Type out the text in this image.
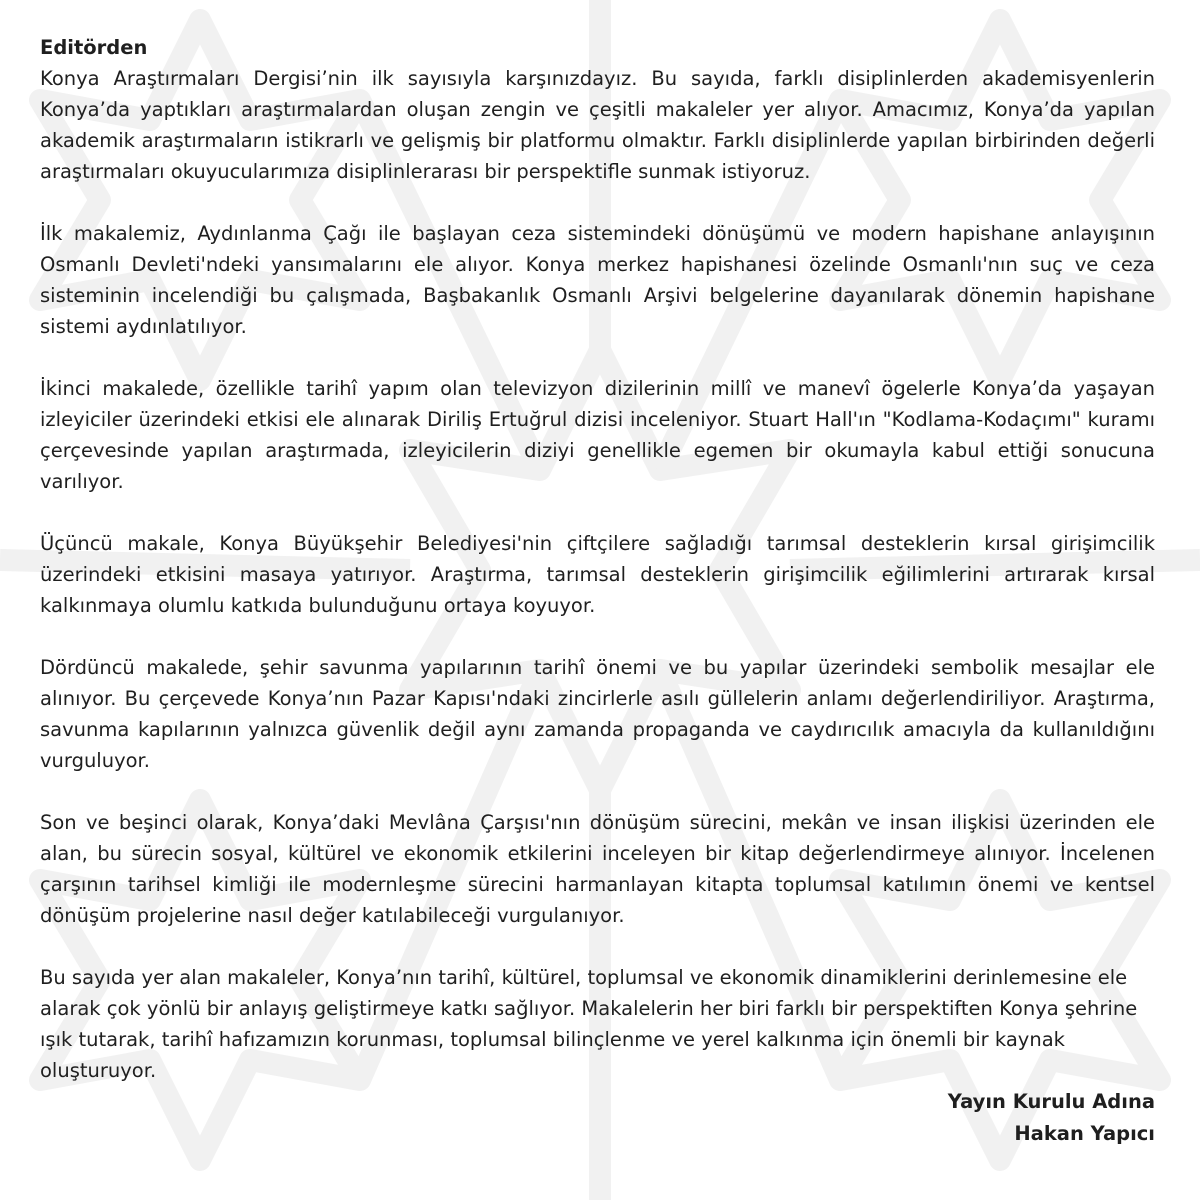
Editörden

Konya Araştırmaları Dergisi’nin ilk sayısıyla karşınızdayız. Bu sayıda, farklı disiplinlerden akademisyenlerin Konya’da yaptıkları araştırmalardan oluşan zengin ve çeşitli makaleler yer alıyor. Amacımız, Konya’da yapılan akademik araştırmaların istikrarlı ve gelişmiş bir platformu olmaktır. Farklı disiplinlerde yapılan birbirinden değerli araştırmaları okuyucularımıza disiplinlerarası bir perspektifle sunmak istiyoruz.

İlk makalemiz, Aydınlanma Çağı ile başlayan ceza sistemindeki dönüşümü ve modern hapishane anlayışının Osmanlı Devleti'ndeki yansımalarını ele alıyor. Konya merkez hapishanesi özelinde Osmanlı'nın suç ve ceza sisteminin incelendiği bu çalışmada, Başbakanlık Osmanlı Arşivi belgelerine dayanılarak dönemin hapishane sistemi aydınlatılıyor.

İkinci makalede, özellikle tarihî yapım olan televizyon dizilerinin millî ve manevî ögelerle Konya’da yaşayan izleyiciler üzerindeki etkisi ele alınarak Diriliş Ertuğrul dizisi inceleniyor. Stuart Hall'ın "Kodlama-Kodaçımı" kuramı çerçevesinde yapılan araştırmada, izleyicilerin diziyi genellikle egemen bir okumayla kabul ettiği sonucuna varılıyor.

Üçüncü makale, Konya Büyükşehir Belediyesi'nin çiftçilere sağladığı tarımsal desteklerin kırsal girişimcilik üzerindeki etkisini masaya yatırıyor. Araştırma, tarımsal desteklerin girişimcilik eğilimlerini artırarak kırsal kalkınmaya olumlu katkıda bulunduğunu ortaya koyuyor.

Dördüncü makalede, şehir savunma yapılarının tarihî önemi ve bu yapılar üzerindeki sembolik mesajlar ele alınıyor. Bu çerçevede Konya’nın Pazar Kapısı'ndaki zincirlerle asılı güllelerin anlamı değerlendiriliyor. Araştırma, savunma kapılarının yalnızca güvenlik değil aynı zamanda propaganda ve caydırıcılık amacıyla da kullanıldığını vurguluyor.

Son ve beşinci olarak, Konya’daki Mevlâna Çarşısı'nın dönüşüm sürecini, mekân ve insan ilişkisi üzerinden ele alan, bu sürecin sosyal, kültürel ve ekonomik etkilerini inceleyen bir kitap değerlendirmeye alınıyor. İncelenen çarşının tarihsel kimliği ile modernleşme sürecini harmanlayan kitapta toplumsal katılımın önemi ve kentsel dönüşüm projelerine nasıl değer katılabileceği vurgulanıyor.

Bu sayıda yer alan makaleler, Konya’nın tarihî, kültürel, toplumsal ve ekonomik dinamiklerini derinlemesine ele alarak çok yönlü bir anlayış geliştirmeye katkı sağlıyor. Makalelerin her biri farklı bir perspektiften Konya şehrine ışık tutarak, tarihî hafızamızın korunması, toplumsal bilinçlenme ve yerel kalkınma için önemli bir kaynak oluşturuyor.

Yayın Kurulu Adına
Hakan Yapıcı
